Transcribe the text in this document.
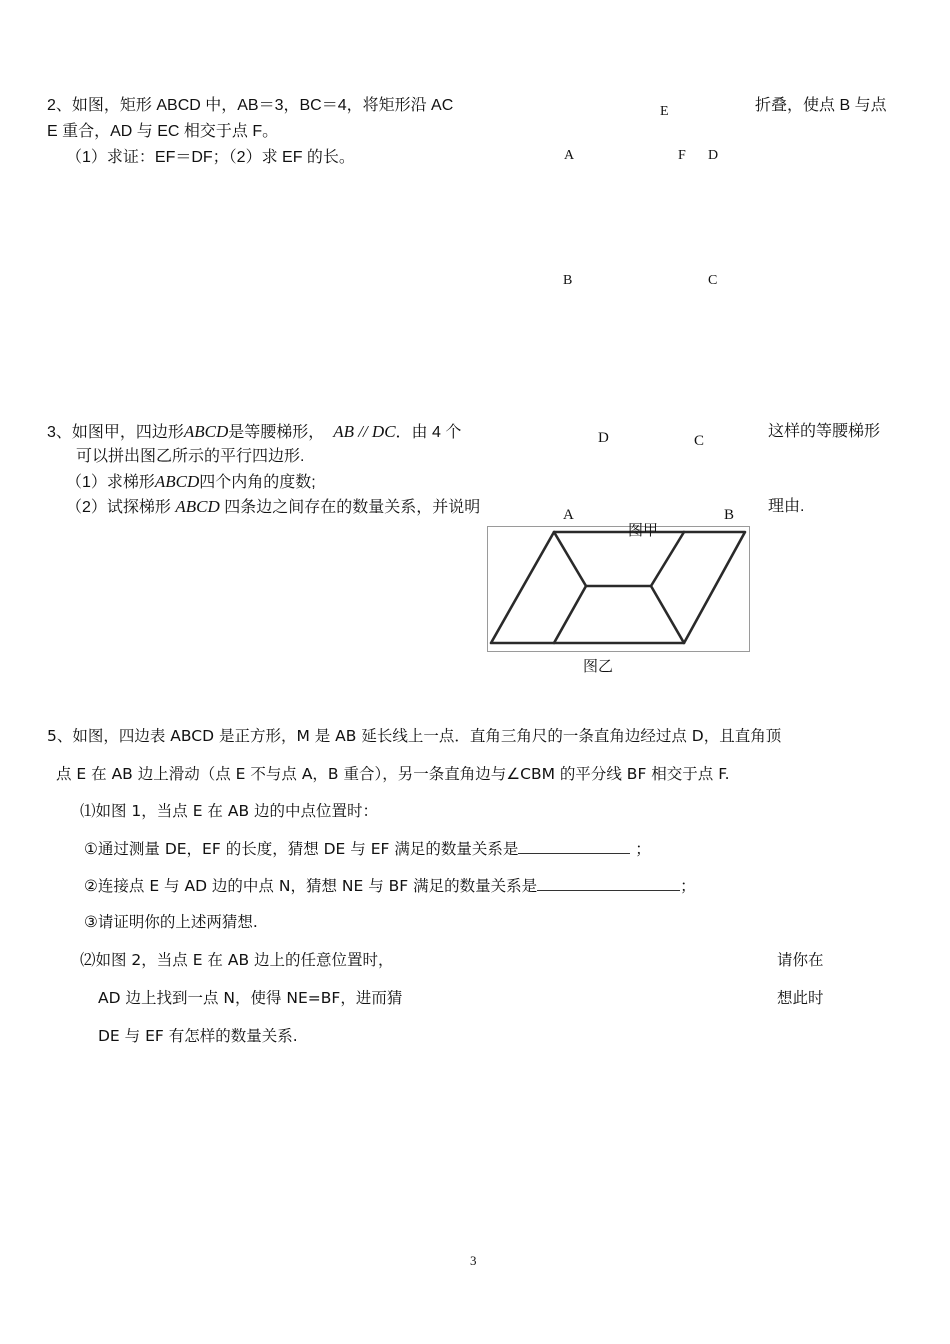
2、如图，矩形 ABCD 中，AB＝3，BC＝4，将矩形沿 AC	折叠，使点 B 与点
E 重合，AD 与 EC 相交于点 F。
（1）求证：EF＝DF；（2）求 EF 的长。
E
A	F D
B	C
3、如图甲，四边形ABCD是等腰梯形， AB // DC．由 4 个	这样的等腰梯形
可以拼出图乙所示的平行四边形.
（1）求梯形ABCD四个内角的度数;
（2）试探梯形 ABCD 四条边之间存在的数量关系，并说明	理由.
D	C
A	B
图甲
图乙
5、如图，四边表 ABCD 是正方形，M 是 AB 延长线上一点．直角三角尺的一条直角边经过点 D，且直角顶
点 E 在 AB 边上滑动（点 E 不与点 A，B 重合），另一条直角边与∠CBM 的平分线 BF 相交于点 F.
⑴如图 1，当点 E 在 AB 边的中点位置时：
①通过测量 DE，EF 的长度，猜想 DE 与 EF 满足的数量关系是	；
②连接点 E 与 AD 边的中点 N，猜想 NE 与 BF 满足的数量关系是	；
③请证明你的上述两猜想.
⑵如图 2，当点 E 在 AB 边上的任意位置时，	请你在
AD 边上找到一点 N，使得 NE=BF，进而猜	想此时
DE 与 EF 有怎样的数量关系.
3
